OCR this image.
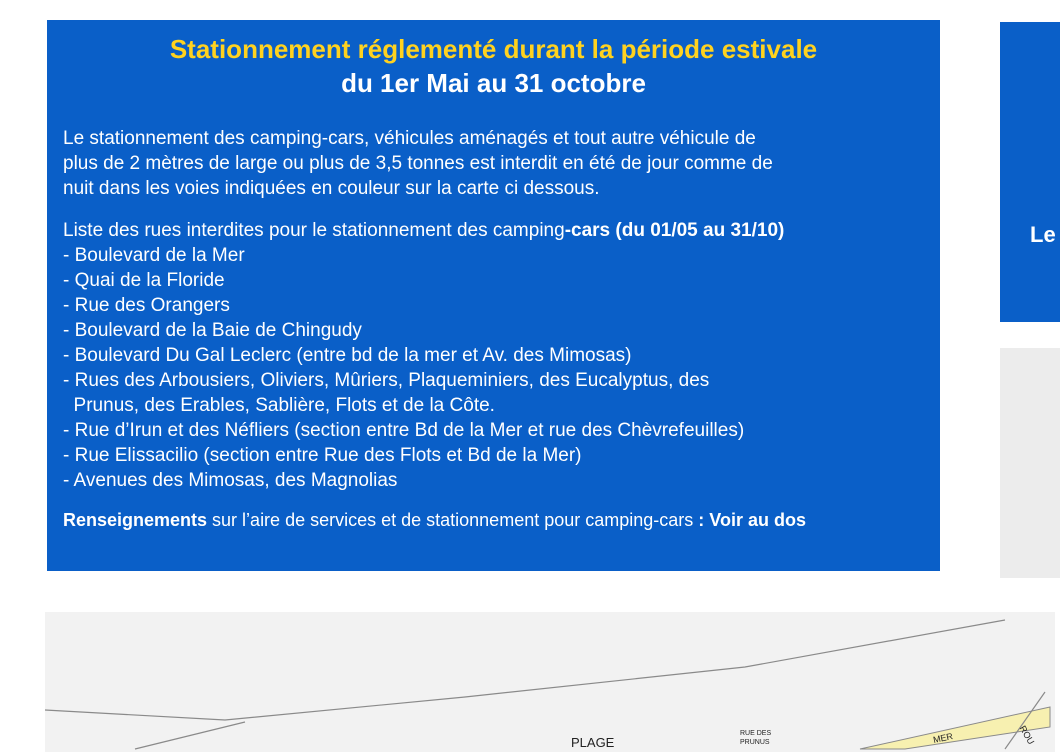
Stationnement réglementé durant la période estivale
du 1er Mai au 31 octobre
Le stationnement des camping-cars, véhicules aménagés et tout autre véhicule de
plus de 2 mètres de large ou plus de 3,5 tonnes est interdit en été de jour comme de
nuit dans les voies indiquées en couleur sur la carte ci dessous.
Liste des rues interdites pour le stationnement des camping-cars (du 01/05 au 31/10)
- Boulevard de la Mer
- Quai de la Floride
- Rue des Orangers
- Boulevard de la Baie de Chingudy
- Boulevard Du Gal Leclerc (entre bd de la mer et Av. des Mimosas)
- Rues des Arbousiers, Oliviers, Mûriers, Plaqueminiers, des Eucalyptus, des
Prunus, des Erables, Sablière, Flots et de la Côte.
- Rue d’Irun et des Néfliers (section entre Bd de la Mer et rue des Chèvrefeuilles)
- Rue Elissacilio (section entre Rue des Flots et Bd de la Mer)
- Avenues des Mimosas, des Magnolias
Renseignements sur l’aire de services et de stationnement pour camping-cars : Voir au dos
Le
PLAGE
RUE DES
PRUNUS	MER	ROU
